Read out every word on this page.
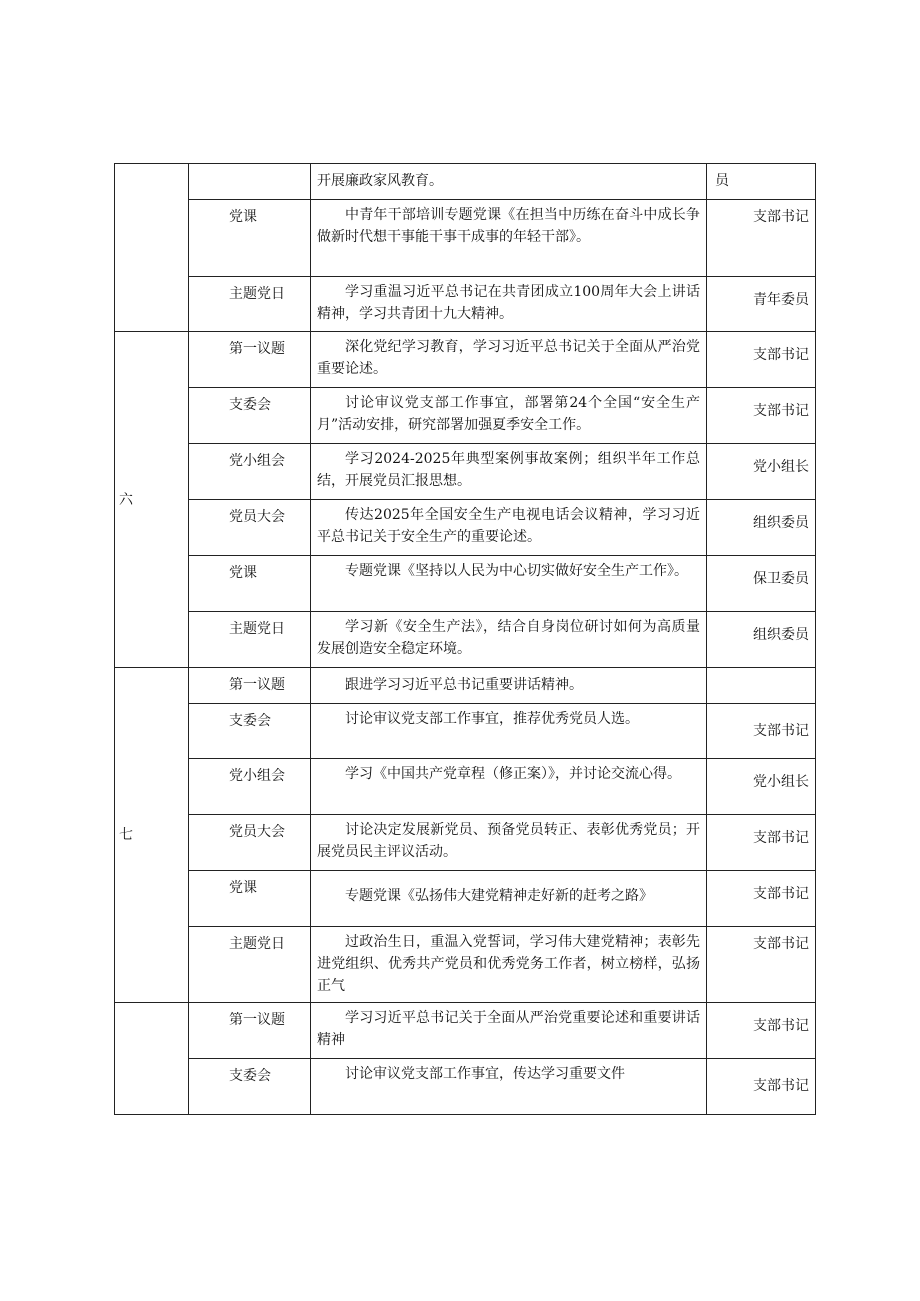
		开展廉政家风教育。	员
	党课	中青年干部培训专题党课《在担当中历练在奋斗中成长争做新时代想干事能干事干成事的年轻干部》。	支部书记
	主题党日	学习重温习近平总书记在共青团成立100周年大会上讲话精神，学习共青团十九大精神。	青年委员
六	第一议题	深化党纪学习教育，学习习近平总书记关于全面从严治党重要论述。	支部书记
	支委会	讨论审议党支部工作事宜，部署第24个全国“安全生产月”活动安排，研究部署加强夏季安全工作。	支部书记
	党小组会	学习2024-2025年典型案例事故案例；组织半年工作总结，开展党员汇报思想。	党小组长
	党员大会	传达2025年全国安全生产电视电话会议精神，学习习近平总书记关于安全生产的重要论述。	组织委员
	党课	专题党课《坚持以人民为中心切实做好安全生产工作》。	保卫委员
	主题党日	学习新《安全生产法》，结合自身岗位研讨如何为高质量发展创造安全稳定环境。	组织委员
七	第一议题	跟进学习习近平总书记重要讲话精神。	
	支委会	讨论审议党支部工作事宜，推荐优秀党员人选。	支部书记
	党小组会	学习《中国共产党章程（修正案）》，并讨论交流心得。	党小组长
	党员大会	讨论决定发展新党员、预备党员转正、表彰优秀党员；开展党员民主评议活动。	支部书记
	党课	专题党课《弘扬伟大建党精神走好新的赶考之路》	支部书记
	主题党日	过政治生日，重温入党誓词，学习伟大建党精神；表彰先进党组织、优秀共产党员和优秀党务工作者，树立榜样，弘扬正气	支部书记
	第一议题	学习习近平总书记关于全面从严治党重要论述和重要讲话精神	支部书记
	支委会	讨论审议党支部工作事宜，传达学习重要文件	支部书记
